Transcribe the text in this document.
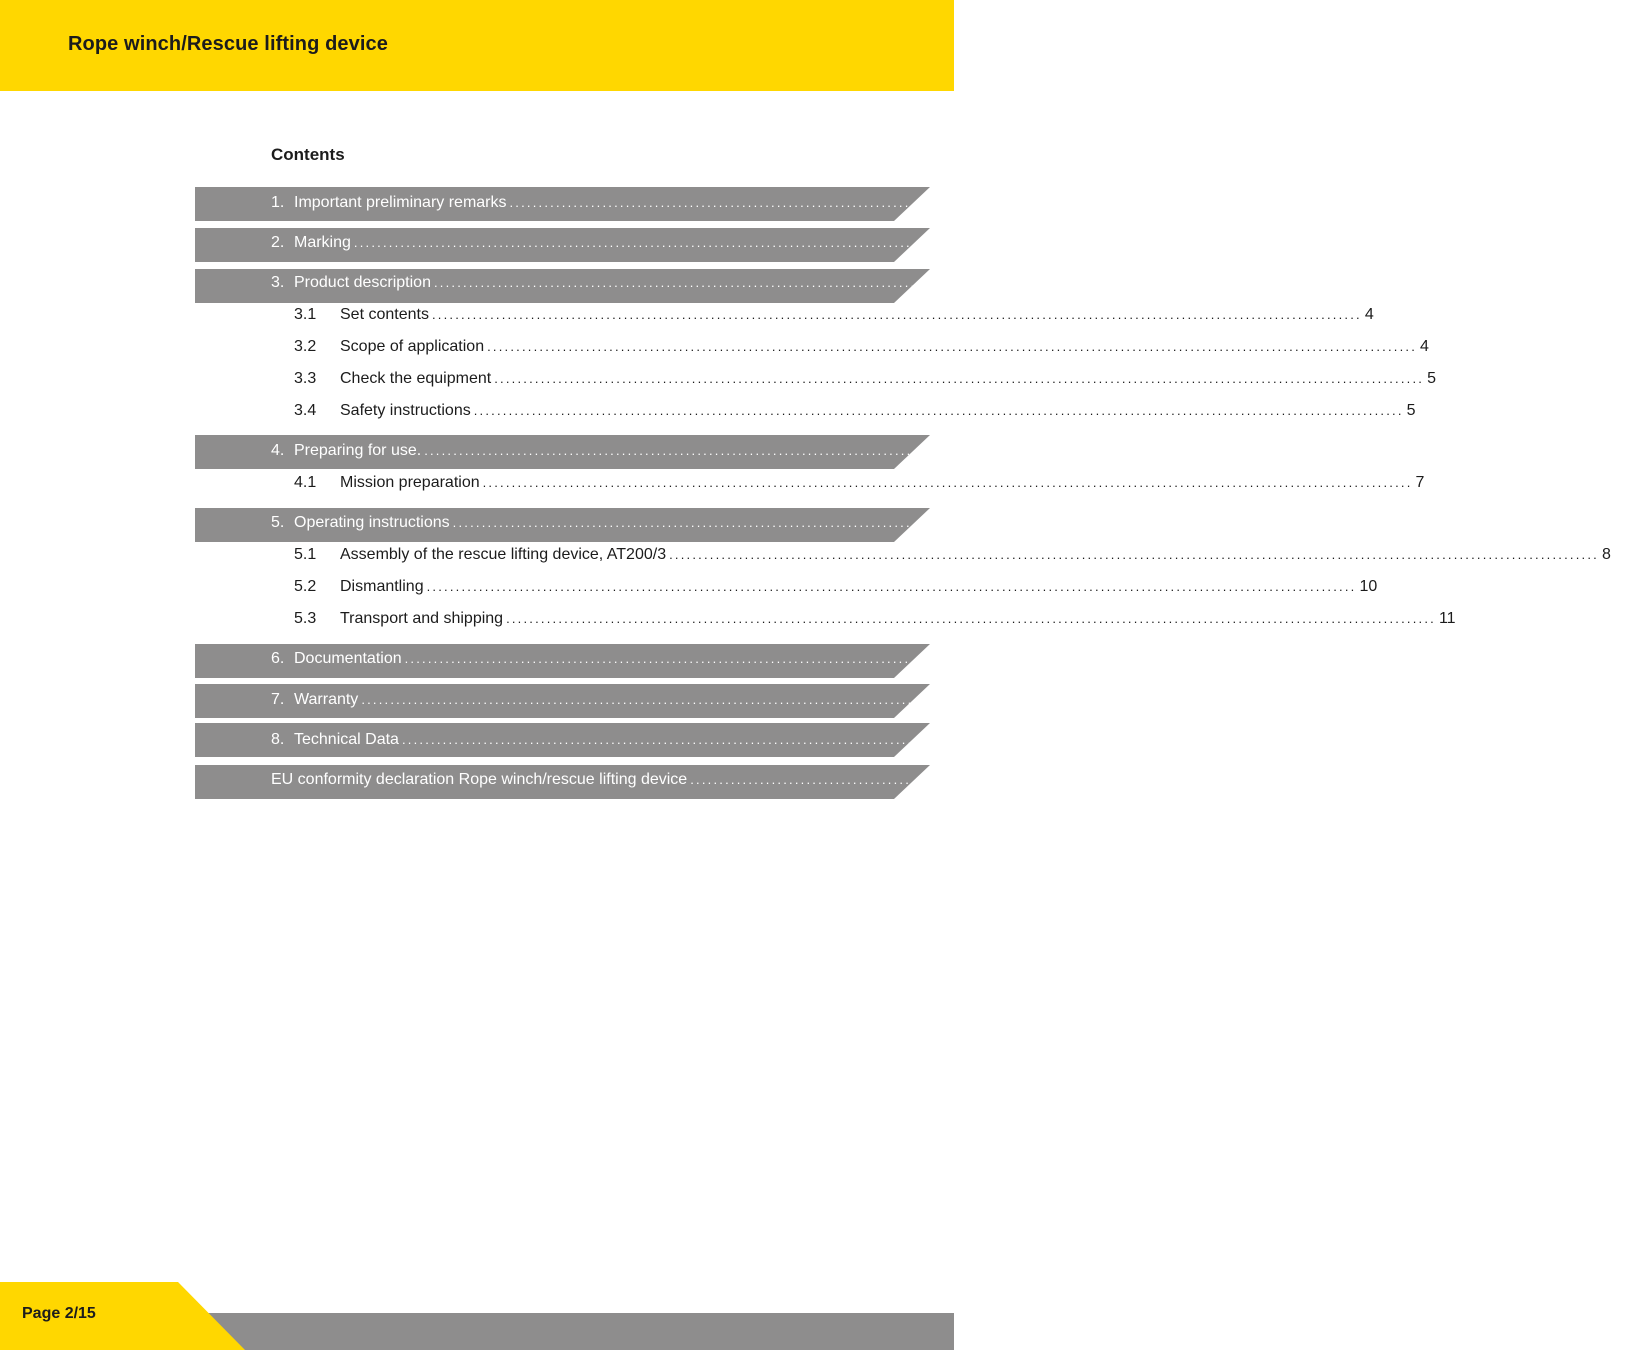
Rope winch/Rescue lifting device
Contents
1. Important preliminary remarks ................................................................................................................................................................ 3
2. Marking ................................................................................................................................................................ 3
3. Product description ................................................................................................................................................................ 3
3.1	Set contents ................................................................................................................................................................ 4
3.2	Scope of application ................................................................................................................................................................ 4
3.3	Check the equipment ................................................................................................................................................................ 5
3.4	Safety instructions ................................................................................................................................................................ 5
4. Preparing for use. ................................................................................................................................................................ 7
4.1	Mission preparation ................................................................................................................................................................ 7
5. Operating instructions ................................................................................................................................................................ 8
5.1	Assembly of the rescue lifting device, AT200/3 ................................................................................................................................................................ 8
5.2	Dismantling ................................................................................................................................................................ 10
5.3	Transport and shipping ................................................................................................................................................................ 11
6. Documentation ................................................................................................................................................................ 12
7. Warranty ................................................................................................................................................................ 12
8. Technical Data ................................................................................................................................................................ 13
EU conformity declaration Rope winch/rescue lifting device ................................................................................................................................................................ 14
Page 2/15
